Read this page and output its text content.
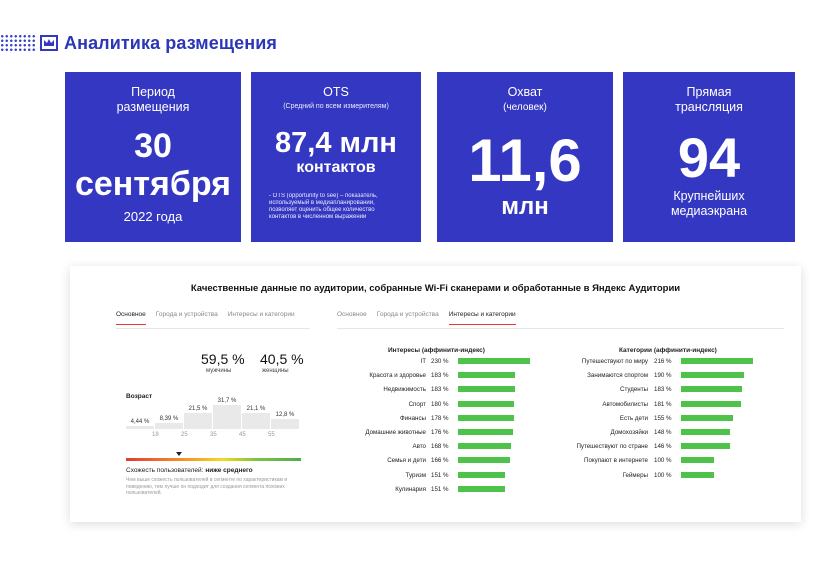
Аналитика размещения
Период размещения
30 сентября
2022 года
OTS
(Средний по всем измерителям)
87,4 млн
контактов
- OTS (opportunity to see) – показатель, используемый в медиапланировании, позволяет оценить общее количество контактов в численном выражении
Охват
(человек)
11,6
млн
Прямая трансляция
94
Крупнейших медиаэкрана
Качественные данные по аудитории, собранные Wi-Fi сканерами и обработанные в Яндекс Аудитории
Основное Города и устройства Интересы и категории	Основное Города и устройства Интересы и категории
59,5 %
мужчины
40,5 %
женщины
Возраст
4,44 %	8,39 %
21,5 %
31,7 %
21,1 %
12,8 %
18	25	35	45	55
Схожесть пользователей: ниже среднего
Чем выше схожесть пользователей в сегменте по характеристикам и поведению, тем лучше он подходит для создания сегмента похожих пользователей.
Интересы (аффинити-индекс)	Категории (аффинити-индекс)
IT 230 %
Красота и здоровье 183 %
Недвижимость 183 %
Спорт 180 %
Финансы 178 %
Домашние животные 176 %
Авто 168 %
Семья и дети 166 %
Туризм 151 %
Кулинария 151 %
Путешествуют по миру 216 %
Занимаются спортом 190 %
Студенты 183 %
Автомобилисты 181 %
Есть дети 155 %
Домохозяйки 148 %
Путешествуют по стране 146 %
Покупают в интернете 100 %
Геймеры 100 %
